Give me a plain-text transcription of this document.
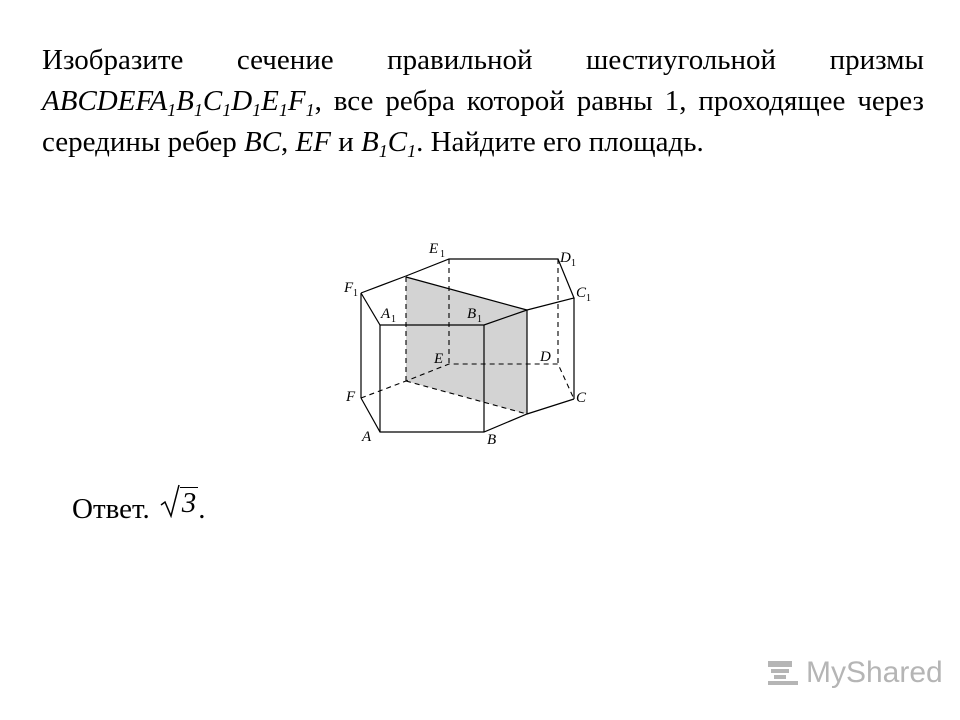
Изобразите сечение правильной шестиугольной призмы $ABCDEFA_1B_1C_1D_1E_1F_1$, все ребра которой равны 1, проходящее через середины ребер BC, EF и $B_1C_1$. Найдите его площадь.
E 1	D 1
F 1	C 1
A 1	B 1
E	D
F	C
A	B
Ответ. 3 .
MyShared
